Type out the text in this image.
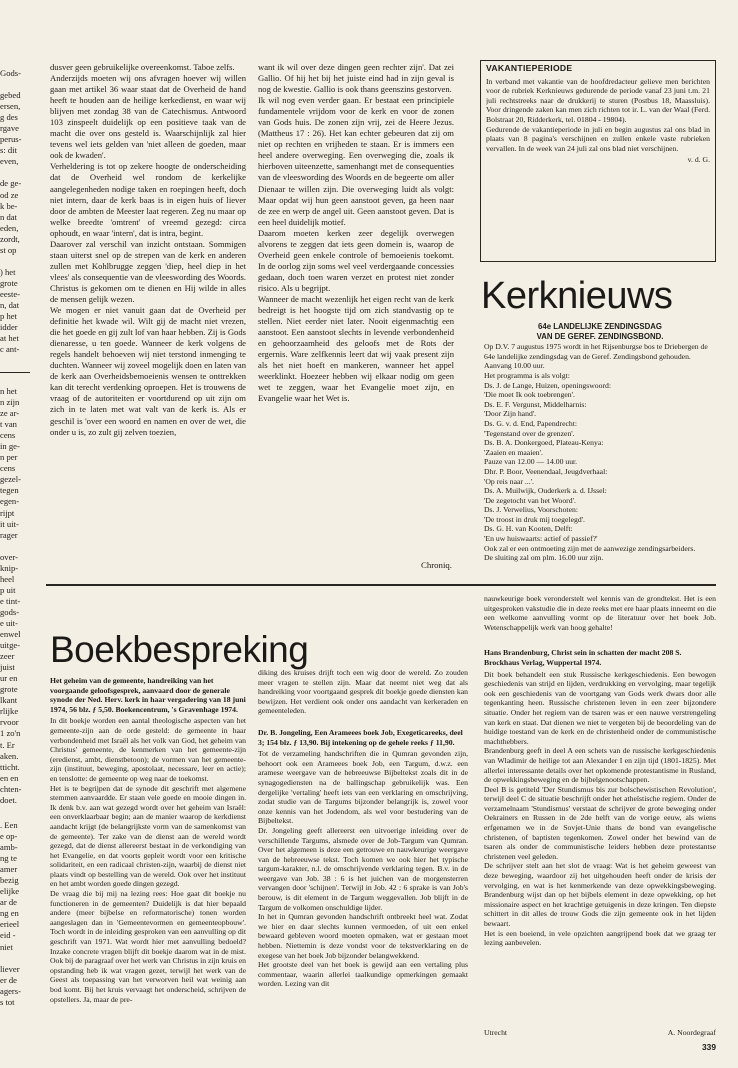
Gods-

gebed
ersen,
g des
rgave
perus-
s: dit
even,

de ge-
od ze
k be-
n dat
eden,
zordt,
st op

) het
grote
eeste-
n, dat
p het
idder
at het
c ant-

n het
n zijn
ze ar-
t van
cens
in ge-
n per
cens
gezel-
tegen
egen-
rijpt
it uit-
rager

over-
knip-
heel
p uit
e tint-
gods-
e uit-
enwel
uitge-
zeer
juist
ur en
grote
lkant
rlijke
rvoor
1 zo'n
t. Er
aken.
tticht.
en en
chten-
doet.
. Een
e op-
amb-
ng te
amer
bezig
elijke
ar de
ng en
erieel
eid -
niet

liever
er de
agers-
s tot

dusver geen gebruikelijke overeenkomst. Taboe zelfs.
Anderzijds moeten wij ons afvragen hoever wij willen gaan met artikel 36 waar staat dat de Overheid de hand heeft te houden aan de heilige kerkedienst, en waar wij blijven met zondag 38 van de Catechismus. Antwoord 103 zinspeelt duidelijk op een positieve taak van de macht die over ons gesteld is. Waarschijnlijk zal hier tevens wel iets gelden van 'niet alleen de goeden, maar ook de kwaden'.
Verheldering is tot op zekere hoogte de onderscheiding dat de Overheid wel rondom de kerkelijke aangelegenheden nodige taken en roepingen heeft, doch niet intern, daar de kerk baas is in eigen huis of liever door de ambten de Meester laat regeren. Zeg nu maar op welke breedte 'omtrent' of vreemd gezegd: circa ophoudt, en waar 'intern', dat is intra, begint.
Daarover zal verschil van inzicht ontstaan. Sommigen staan uiterst snel op de strepen van de kerk en anderen zullen met Kohlbrugge zeggen 'diep, heel diep in het vlees' als consequentie van de vleeswording des Woords. Christus is gekomen om te dienen en Hij wilde in alles de mensen gelijk wezen.
We mogen er niet vanuit gaan dat de Overheid per definitie het kwade wil. Wilt gij de macht niet vrezen, die het goede en gij zult lof van haar hebben. Zij is Gods dienaresse, u ten goede. Wanneer de kerk volgens de regels handelt behoeven wij niet terstond inmenging te duchten. Wanneer wij zoveel mogelijk doen en laten van de kerk aan Overheidsbemoeienis wensen te onttrekken kan dit terecht verdenking oproepen. Het is trouwens de vraag of de autoriteiten er voortdurend op uit zijn om zich in te laten met wat valt van de kerk is. Als er geschil is 'over een woord en namen en over de wet, die onder u is, zo zult gij zelven toezien,

want ik wil over deze dingen geen rechter zijn'. Dat zei Gallio. Of hij het bij het juiste eind had in zijn geval is nog de kwestie. Gallio is ook thans geenszins gestorven.
Ik wil nog even verder gaan. Er bestaat een principiele fundamentele vrijdom voor de kerk en voor de zonen van Gods huis. De zonen zijn vrij, zei de Heere Jezus. (Mattheus 17 : 26). Het kan echter gebeuren dat zij om niet op rechten en vrijheden te staan. Er is immers een heel andere overweging. Een overweging die, zoals ik hierboven uiteenzette, samenhangt met de consequenties van de vleeswording des Woords en de begeerte om aller Dienaar te willen zijn. Die overweging luidt als volgt: Maar opdat wij hun geen aanstoot geven, ga heen naar de zee en werp de angel uit. Geen aanstoot geven. Dat is een heel duidelijk motief.
Daarom moeten kerken zeer degelijk overwegen alvorens te zeggen dat iets geen domein is, waarop de Overheid geen enkele controle of bemoeienis toekomt. In de oorlog zijn soms wel veel verdergaande concessies gedaan, doch toen waren verzet en protest niet zonder risico. Als u begrijpt.
Wanneer de macht wezenlijk het eigen recht van de kerk bedreigt is het hoogste tijd om zich standvastig op te stellen. Niet eerder niet later. Nooit eigenmachtig een aanstoot. Een aanstoot slechts in levende verbondenheid en gehoorzaamheid des geloofs met de Rots der ergernis. Ware zelfkennis leert dat wij vaak present zijn als het niet hoeft en mankeren, wanneer het appel weerklinkt. Hoezeer hebben wij elkaar nodig om geen wet te zeggen, waar het Evangelie moet zijn, en Evangelie waar het Wet is.

Chroniq.

VAKANTIEPERIODE

In verband met vakantie van de hoofdredacteur gelieve men berichten voor de rubriek Kerknieuws gedurende de periode vanaf 23 juni t.m. 21 juli rechtstreeks naar de drukkerij te sturen (Postbus 18, Maassluis). Voor dringende zaken kan men zich richten tot ir. L. van der Waal (Ferd. Bolstraat 20, Ridderkerk, tel. 01804 - 19804).
Gedurende de vakantieperiode in juli en begin augustus zal ons blad in plaats van 8 pagina's verschijnen en zullen enkele vaste rubrieken vervallen. In de week van 24 juli zal ons blad niet verschijnen.

v. d. G.

Kerknieuws

64e LANDELIJKE ZENDINGSDAG
VAN DE GEREF. ZENDINGSBOND.

Op D.V. 7 augustus 1975 wordt in het Rijsenburgse bos te Driebergen de 64e landelijke zendingsdag van de Geref. Zendingsbond gehouden.
Aanvang 10.00 uur.
Het programma is als volgt:
Ds. J. de Lange, Huizen, openingswoord:
'Die moet Ik ook toebrengen'.
Ds. E. F. Vergunst, Middelharnis:
'Door Zijn hand'.
Ds. G. v. d. End, Papendrecht:
'Tegenstand over de grenzen'.
Ds. B. A. Donkergoed, Plateau-Kenya:
'Zaaien en maaien'.
Pauze van 12.00 — 14.00 uur.
Dhr. P. Boor, Veenendaal, Jeugdverhaal:
'Op reis naar ...'.
Ds. A. Muilwijk, Ouderkerk a. d. IJssel:
'De zegetocht van het Woord'.
Ds. J. Verwelius, Voorschoten:
'De troost in druk mij toegelegd'.
Ds. G. H. van Kooten, Delft:
'En uw huiswaarts: actief of passief?'
Ook zal er een ontmoeting zijn met de aanwezige zendingsarbeiders.
De sluiting zal om plm. 16.00 uur zijn.

Boekbespreking

Het geheim van de gemeente, handreiking van het voorgaande geloofsgesprek, aanvaard door de generale synode der Ned. Herv. kerk in haar vergadering van 18 juni 1974, 56 blz. ƒ 5,50. Boekencentrum, 's Gravenhage 1974.

In dit boekje worden een aantal theologische aspecten van het gemeente-zijn aan de orde gesteld: de gemeente in haar verbondenheid met Israël als het volk van God, het geheim van Christus' gemeente, de kenmerken van het gemeente-zijn (eredienst, ambt, dienstbetoon); de vormen van het gemeente-zijn (instituut, beweging, apostolaat, necessare, leer en actie); en tenslotte: de gemeente op weg naar de toekomst.
Het is te begrijpen dat de synode dit geschrift met algemene stemmen aanvaardde. Er staan vele goede en mooie dingen in. Ik denk b.v. aan wat gezegd wordt over het geheim van Israël: een onverklaarbaar begin; aan de manier waarop de kerkdienst aandacht krijgt (de belangrijkste vorm van de samenkomst van de gemeente). Ter zake van de dienst aan de wereld wordt gezegd, dat de dienst allereerst bestaat in de verkondiging van het Evangelie, en dat voorts gepleit wordt voor een kritische solidariteit, en een radicaal christen-zijn, waarbij de dienst niet plaats vindt op bestelling van de wereld. Ook over het instituut en het ambt worden goede dingen gezegd.
De vraag die bij mij na lezing rees: Hoe gaat dit boekje nu functioneren in de gemeenten? Duidelijk is dat hier bepaald andere (meer bijbelse en reformatorische) tonen worden aangeslagen dan in 'Gemeentevormen en gemeenteopbouw'. Toch wordt in de inleiding gesproken van een aanvulling op dit geschrift van 1971. Wat wordt hier met aanvulling bedoeld? Inzake concrete vragen blijft dit boekje daarom wat in de mist. Ook bij de paragraaf over het werk van Christus in zijn kruis en opstanding heb ik wat vragen gezet, terwijl het werk van de Geest als toepassing van het verworven heil wat weinig aan bod komt. Bij het kruis vervaagt het onderscheid, schrijven de opstellers. Ja, maar de pre-

diking des kruises drijft toch een wig door de wereld. Zo zouden meer vragen te stellen zijn. Maar dat neemt niet weg dat als handreiking voor voortgaand gesprek dit boekje goede diensten kan bewijzen. Het verdient ook onder ons aandacht van kerkeraden en gemeenteleden.

Dr. B. Jongeling, Een Arameees boek Job, Exegeticareeks, deel 3; 154 blz. ƒ 13,90. Bij intekening op de gehele reeks ƒ 11,90.

Tot de verzameling handschriften die in Qumran gevonden zijn, behoort ook een Arameees boek Job, een Targum, d.w.z. een aramese weergave van de hebreeuwse Bijbeltekst zoals dit in de synagogediensten na de ballingschap gebruikelijk was. Een dergelijke 'vertaling' heeft iets van een verklaring en omschrijving, zodat studie van de Targums bijzonder belangrijk is, zowel voor onze kennis van het Jodendom, als wel voor bestudering van de Bijbeltekst.
Dr. Jongeling geeft allereerst een uitvoerige inleiding over de verschillende Targums, alsmede over de Job-Targum van Qumran. Over het algemeen is deze een getrouwe en nauwkeurige weergave van de hebreeuwse tekst. Toch komen we ook hier het typische targum-karakter, n.l. de omschrijvende verklaring tegen. B.v. in de weergave van Job. 38 : 6 is het juichen van de morgensterren vervangen door 'schijnen'. Terwijl in Job. 42 : 6 sprake is van Job's berouw, is dit element in de Targum weggevallen. Job blijft in de Targum de volkomen onschuldige lijder.
In het in Qumran gevonden handschrift ontbreekt heel wat. Zodat we hier en daar slechts kunnen vermoeden, of uit een enkel bewaard gebleven woord moeten opmaken, wat er gestaan moet hebben. Niettemin is deze vondst voor de tekstverklaring en de exegese van het boek Job bijzonder belangwekkend.
Het grootste deel van het boek is gewijd aan een vertaling plus commentaar, waarin allerlei taalkundige opmerkingen gemaakt worden. Lezing van dit

nauwkeurige boek veronderstelt wel kennis van de grondtekst. Het is een uitgesproken vakstudie die in deze reeks met ere haar plaats inneemt en die een welkome aanvulling vormt op de literatuur over het boek Job. Wetenschappelijk werk van hoog gehalte!

Hans Brandenburg, Christ sein in schatten der macht 208 S. Brockhaus Verlag, Wuppertal 1974.

Dit boek behandelt een stuk Russische kerkgeschiedenis. Een bewogen geschiedenis van strijd en lijden, verdrukking en vervolging, maar tegelijk ook een geschiedenis van de voortgang van Gods werk dwars door alle tegenkanting heen. Russische christenen leven in een zeer bijzondere situatie. Onder het regiem van de tsaren was er een nauwe verstrengeling van kerk en staat. Dat dienen we niet te vergeten bij de beoordeling van de huidige toestand van de kerk en de christenheid onder de communistische machthebbers.
Brandenburg geeft in deel A een schets van de russische kerkgeschiedenis van Wladimir de heilige tot aan Alexander I en zijn tijd (1801-1825). Met allerlei interessante details over het opkomende protestantisme in Rusland, de opwekkingsbeweging en de bijbelgenootschappen.
Deel B is getiteld 'Der Stundismus bis zur bolschewistischen Revolution', terwijl deel C de situatie beschrijft onder het atheïstische regiem. Onder de verzamelnaam 'Stundismus' verstaat de schrijver de grote beweging onder Oekrainers en Russen in de 2de helft van de vorige eeuw, als wiens erfgenamen we in de Sovjet-Unie thans de bond van evangelische christenen, of baptisten tegenkomen. Zowel onder het bewind van de tsaren als onder de communistische leiders hebben deze protestantse christenen veel geleden.
De schrijver stelt aan het slot de vraag: Wat is het geheim geweest van deze beweging, waardoor zij het uitgehouden heeft onder de krisis der vervolging, en wat is het kenmerkende van deze opwekkingsbeweging. Brandenburg wijst dan op het bijbels element in deze opwekking, op het missionaire aspect en het krachtige getuigenis in deze kringen. Ten diepste schittert in dit alles de trouw Gods die zijn gemeente ook in het lijden bewaart.
Het is een boeiend, in vele opzichten aangrijpend boek dat we graag ter lezing aanbevelen.

Utrecht	A. Noordegraaf
339
